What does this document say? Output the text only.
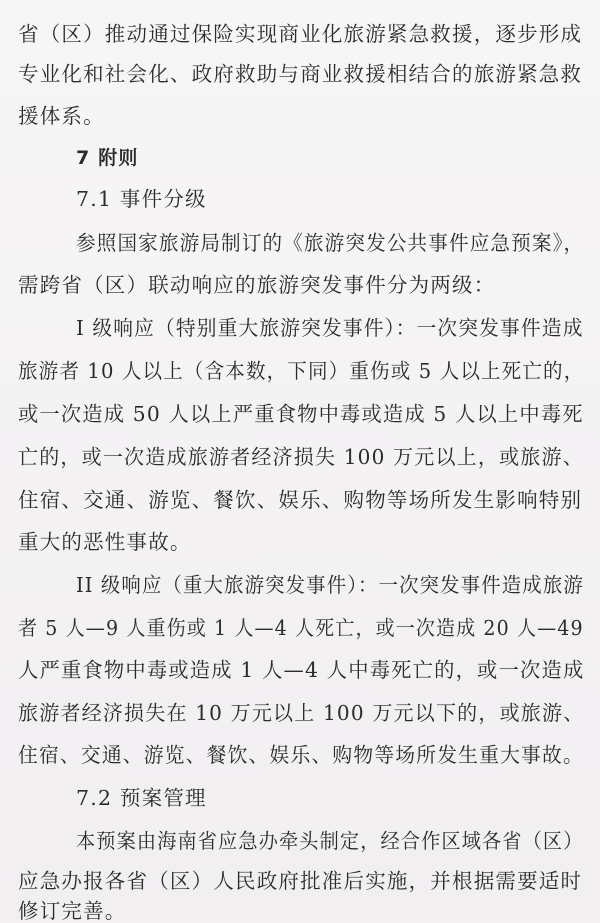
省（区）推动通过保险实现商业化旅游紧急救援，逐步形成
专业化和社会化、政府救助与商业救援相结合的旅游紧急救
援体系。
7 附则
7.1 事件分级
参照国家旅游局制订的《旅游突发公共事件应急预案》，
需跨省（区）联动响应的旅游突发事件分为两级：
I 级响应（特别重大旅游突发事件）：一次突发事件造成
旅游者 10 人以上（含本数，下同）重伤或 5 人以上死亡的，
或一次造成 50 人以上严重食物中毒或造成 5 人以上中毒死
亡的，或一次造成旅游者经济损失 100 万元以上，或旅游、
住宿、交通、游览、餐饮、娱乐、购物等场所发生影响特别
重大的恶性事故。
II 级响应（重大旅游突发事件）：一次突发事件造成旅游
者 5 人—9 人重伤或 1 人—4 人死亡，或一次造成 20 人—49
人严重食物中毒或造成 1 人—4 人中毒死亡的，或一次造成
旅游者经济损失在 10 万元以上 100 万元以下的，或旅游、
住宿、交通、游览、餐饮、娱乐、购物等场所发生重大事故。
7.2 预案管理
本预案由海南省应急办牵头制定，经合作区域各省（区）
应急办报各省（区）人民政府批准后实施，并根据需要适时
修订完善。
